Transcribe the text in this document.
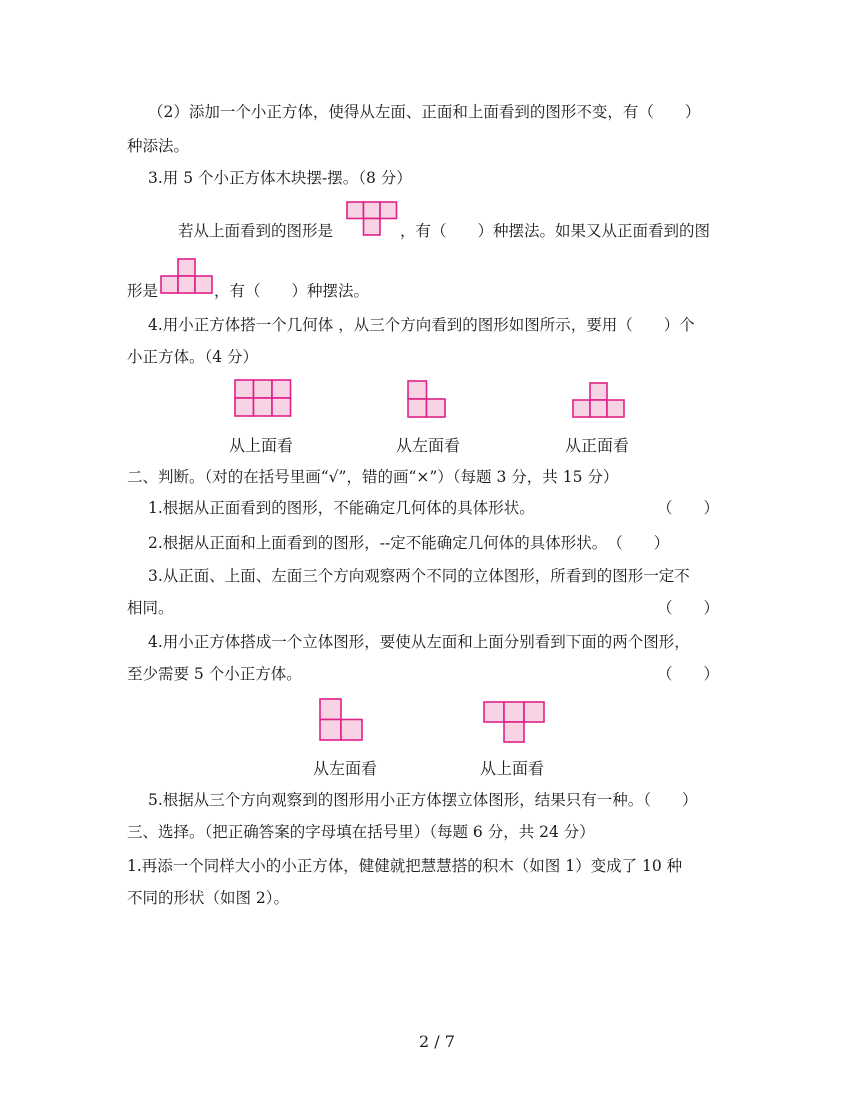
（2）添加一个小正方体，使得从左面、正面和上面看到的图形不变，有（　　）
种添法。
3.用 5 个小正方体木块摆-摆。（8 分）
若从上面看到的图形是	，有（　　）种摆法。如果又从正面看到的图
形是	，有（　　）种摆法。
4.用小正方体搭一个几何体 ，从三个方向看到的图形如图所示，要用（　　）个
小正方体。（4 分）
从上面看	从左面看	从正面看
二、判断。（对的在括号里画“√”，错的画“×”）（每题 3 分，共 15 分）
1.根据从正面看到的图形，不能确定几何体的具体形状。	（　　）
2.根据从正面和上面看到的图形，--定不能确定几何体的具体形状。　（　　）
3.从正面、上面、左面三个方向观察两个不同的立体图形，所看到的图形一定不
相同。	（　　）
4.用小正方体搭成一个立体图形，要使从左面和上面分别看到下面的两个图形，
至少需要 5 个小正方体。	（　　）
从左面看	从上面看
5.根据从三个方向观察到的图形用小正方体摆立体图形，结果只有一种。（　　）
三、选择。（把正确答案的字母填在括号里）（每题 6 分，共 24 分）
1.再添一个同样大小的小正方体，健健就把慧慧搭的积木（如图 1）变成了 10 种
不同的形状（如图 2）。
2 / 7
